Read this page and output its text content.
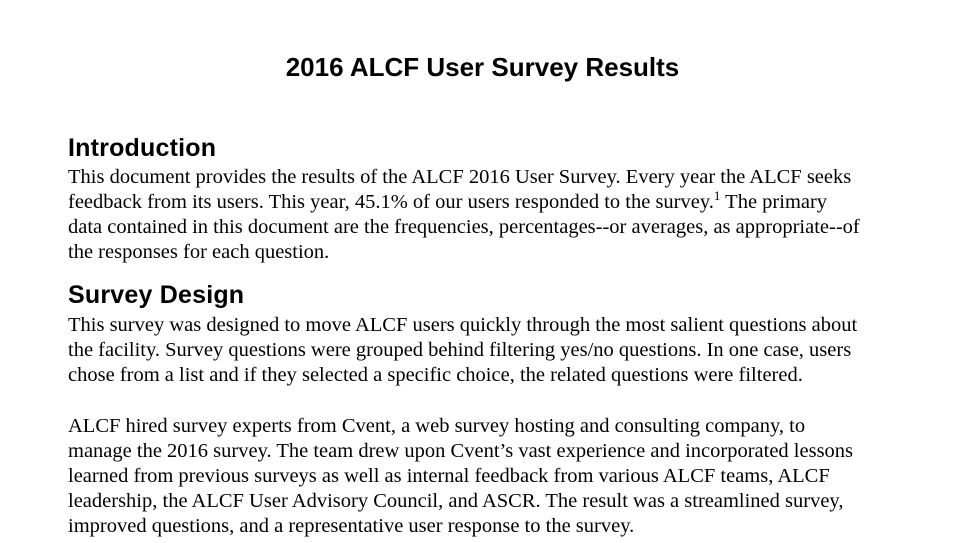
2016 ALCF User Survey Results
Introduction

This document provides the results of the ALCF 2016 User Survey. Every year the ALCF seeks
feedback from its users. This year, 45.1% of our users responded to the survey.$^1$ The primary
data contained in this document are the frequencies, percentages--or averages, as appropriate--of
the responses for each question.

Survey Design

This survey was designed to move ALCF users quickly through the most salient questions about
the facility. Survey questions were grouped behind filtering yes/no questions. In one case, users
chose from a list and if they selected a specific choice, the related questions were filtered.

ALCF hired survey experts from Cvent, a web survey hosting and consulting company, to
manage the 2016 survey. The team drew upon Cvent’s vast experience and incorporated lessons
learned from previous surveys as well as internal feedback from various ALCF teams, ALCF
leadership, the ALCF User Advisory Council, and ASCR. The result was a streamlined survey,
improved questions, and a representative user response to the survey.
